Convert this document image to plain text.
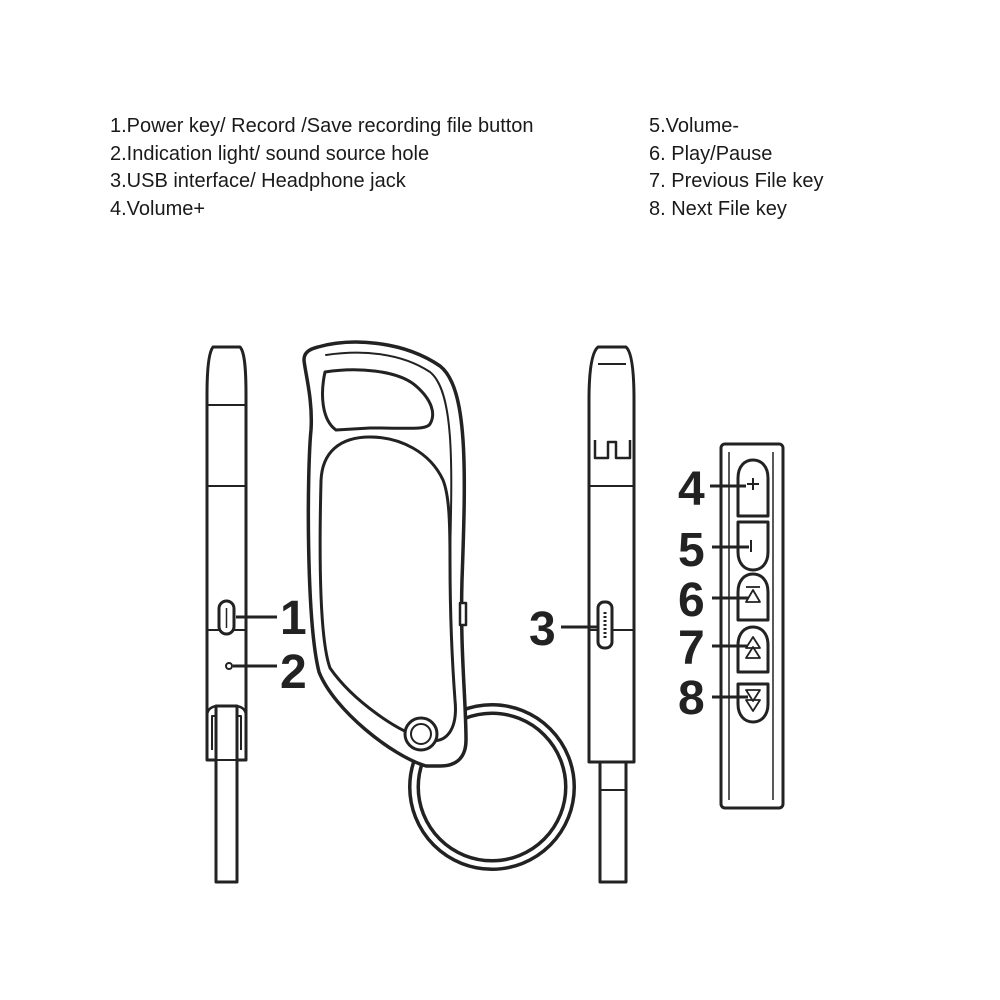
1.Power key/ Record /Save recording file button
2.Indication light/ sound source hole
3.USB interface/ Headphone jack
4.Volume+
5.Volume-
6. Play/Pause
7. Previous File key
8. Next File key
1
2
3
4
5
6
7
8
